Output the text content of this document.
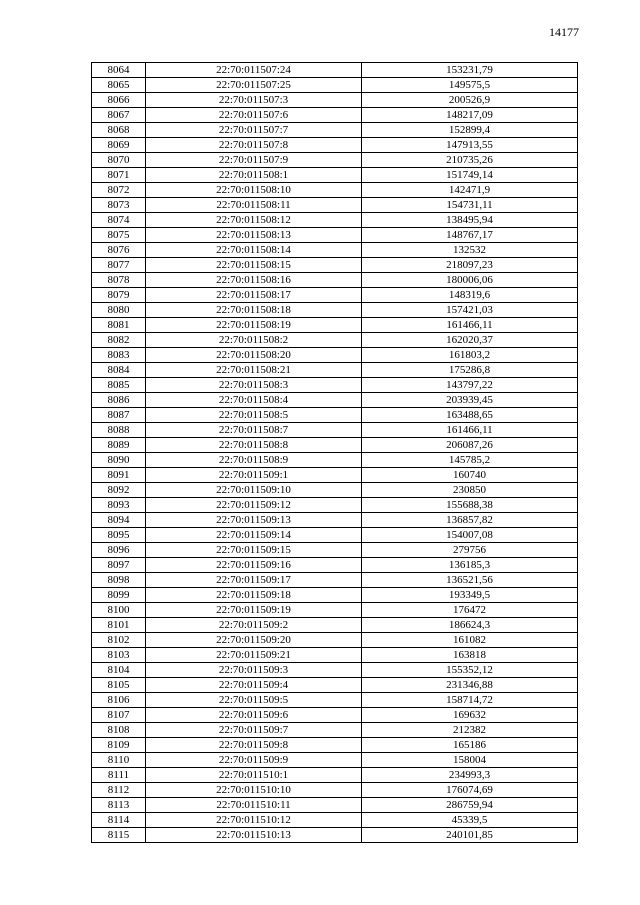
14177
8064	22:70:011507:24	153231,79
8065	22:70:011507:25	149575,5
8066	22:70:011507:3	200526,9
8067	22:70:011507:6	148217,09
8068	22:70:011507:7	152899,4
8069	22:70:011507:8	147913,55
8070	22:70:011507:9	210735,26
8071	22:70:011508:1	151749,14
8072	22:70:011508:10	142471,9
8073	22:70:011508:11	154731,11
8074	22:70:011508:12	138495,94
8075	22:70:011508:13	148767,17
8076	22:70:011508:14	132532
8077	22:70:011508:15	218097,23
8078	22:70:011508:16	180006,06
8079	22:70:011508:17	148319,6
8080	22:70:011508:18	157421,03
8081	22:70:011508:19	161466,11
8082	22:70:011508:2	162020,37
8083	22:70:011508:20	161803,2
8084	22:70:011508:21	175286,8
8085	22:70:011508:3	143797,22
8086	22:70:011508:4	203939,45
8087	22:70:011508:5	163488,65
8088	22:70:011508:7	161466,11
8089	22:70:011508:8	206087,26
8090	22:70:011508:9	145785,2
8091	22:70:011509:1	160740
8092	22:70:011509:10	230850
8093	22:70:011509:12	155688,38
8094	22:70:011509:13	136857,82
8095	22:70:011509:14	154007,08
8096	22:70:011509:15	279756
8097	22:70:011509:16	136185,3
8098	22:70:011509:17	136521,56
8099	22:70:011509:18	193349,5
8100	22:70:011509:19	176472
8101	22:70:011509:2	186624,3
8102	22:70:011509:20	161082
8103	22:70:011509:21	163818
8104	22:70:011509:3	155352,12
8105	22:70:011509:4	231346,88
8106	22:70:011509:5	158714,72
8107	22:70:011509:6	169632
8108	22:70:011509:7	212382
8109	22:70:011509:8	165186
8110	22:70:011509:9	158004
8111	22:70:011510:1	234993,3
8112	22:70:011510:10	176074,69
8113	22:70:011510:11	286759,94
8114	22:70:011510:12	45339,5
8115	22:70:011510:13	240101,85
